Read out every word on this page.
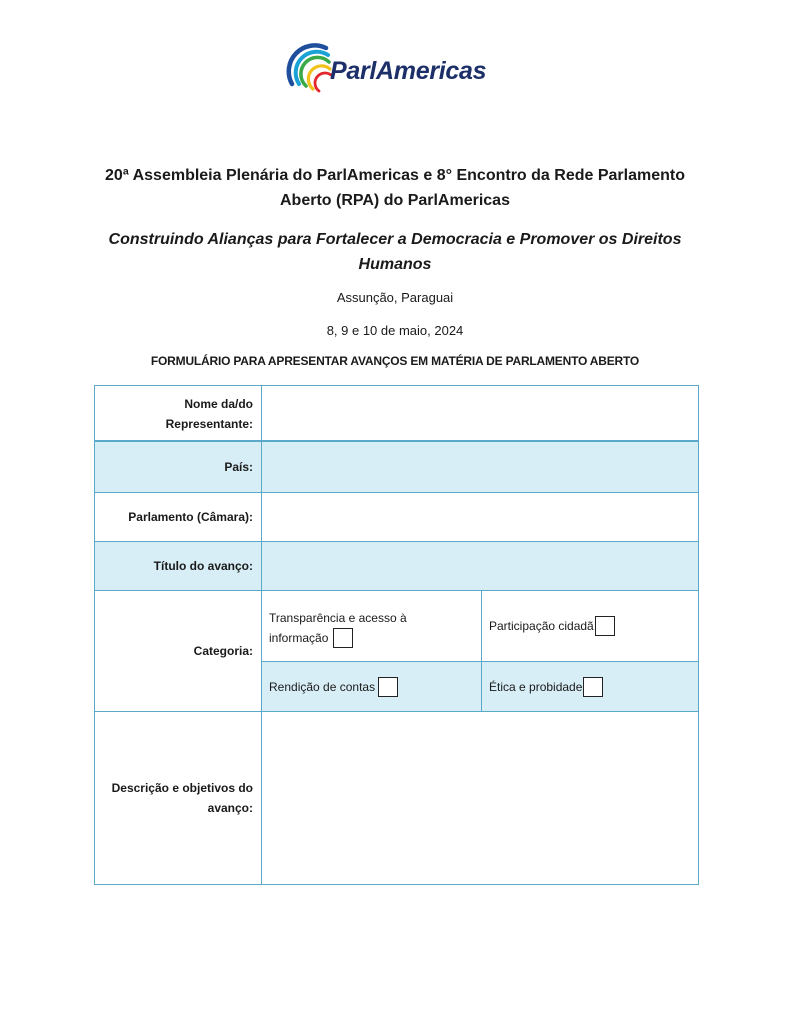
ParlAmericas
20ª Assembleia Plenária do ParlAmericas e 8° Encontro da Rede Parlamento Aberto (RPA) do ParlAmericas
Construindo Alianças para Fortalecer a Democracia e Promover os Direitos Humanos
Assunção, Paraguai
8, 9 e 10 de maio, 2024
FORMULÁRIO PARA APRESENTAR AVANÇOS EM MATÉRIA DE PARLAMENTO ABERTO
Nome da/do Representante:
País:
Parlamento (Câmara):
Título do avanço:
Categoria:
Transparência e acesso à informação
Participação cidadã
Rendição de contas	Ética e probidade
Descrição e objetivos do avanço:
